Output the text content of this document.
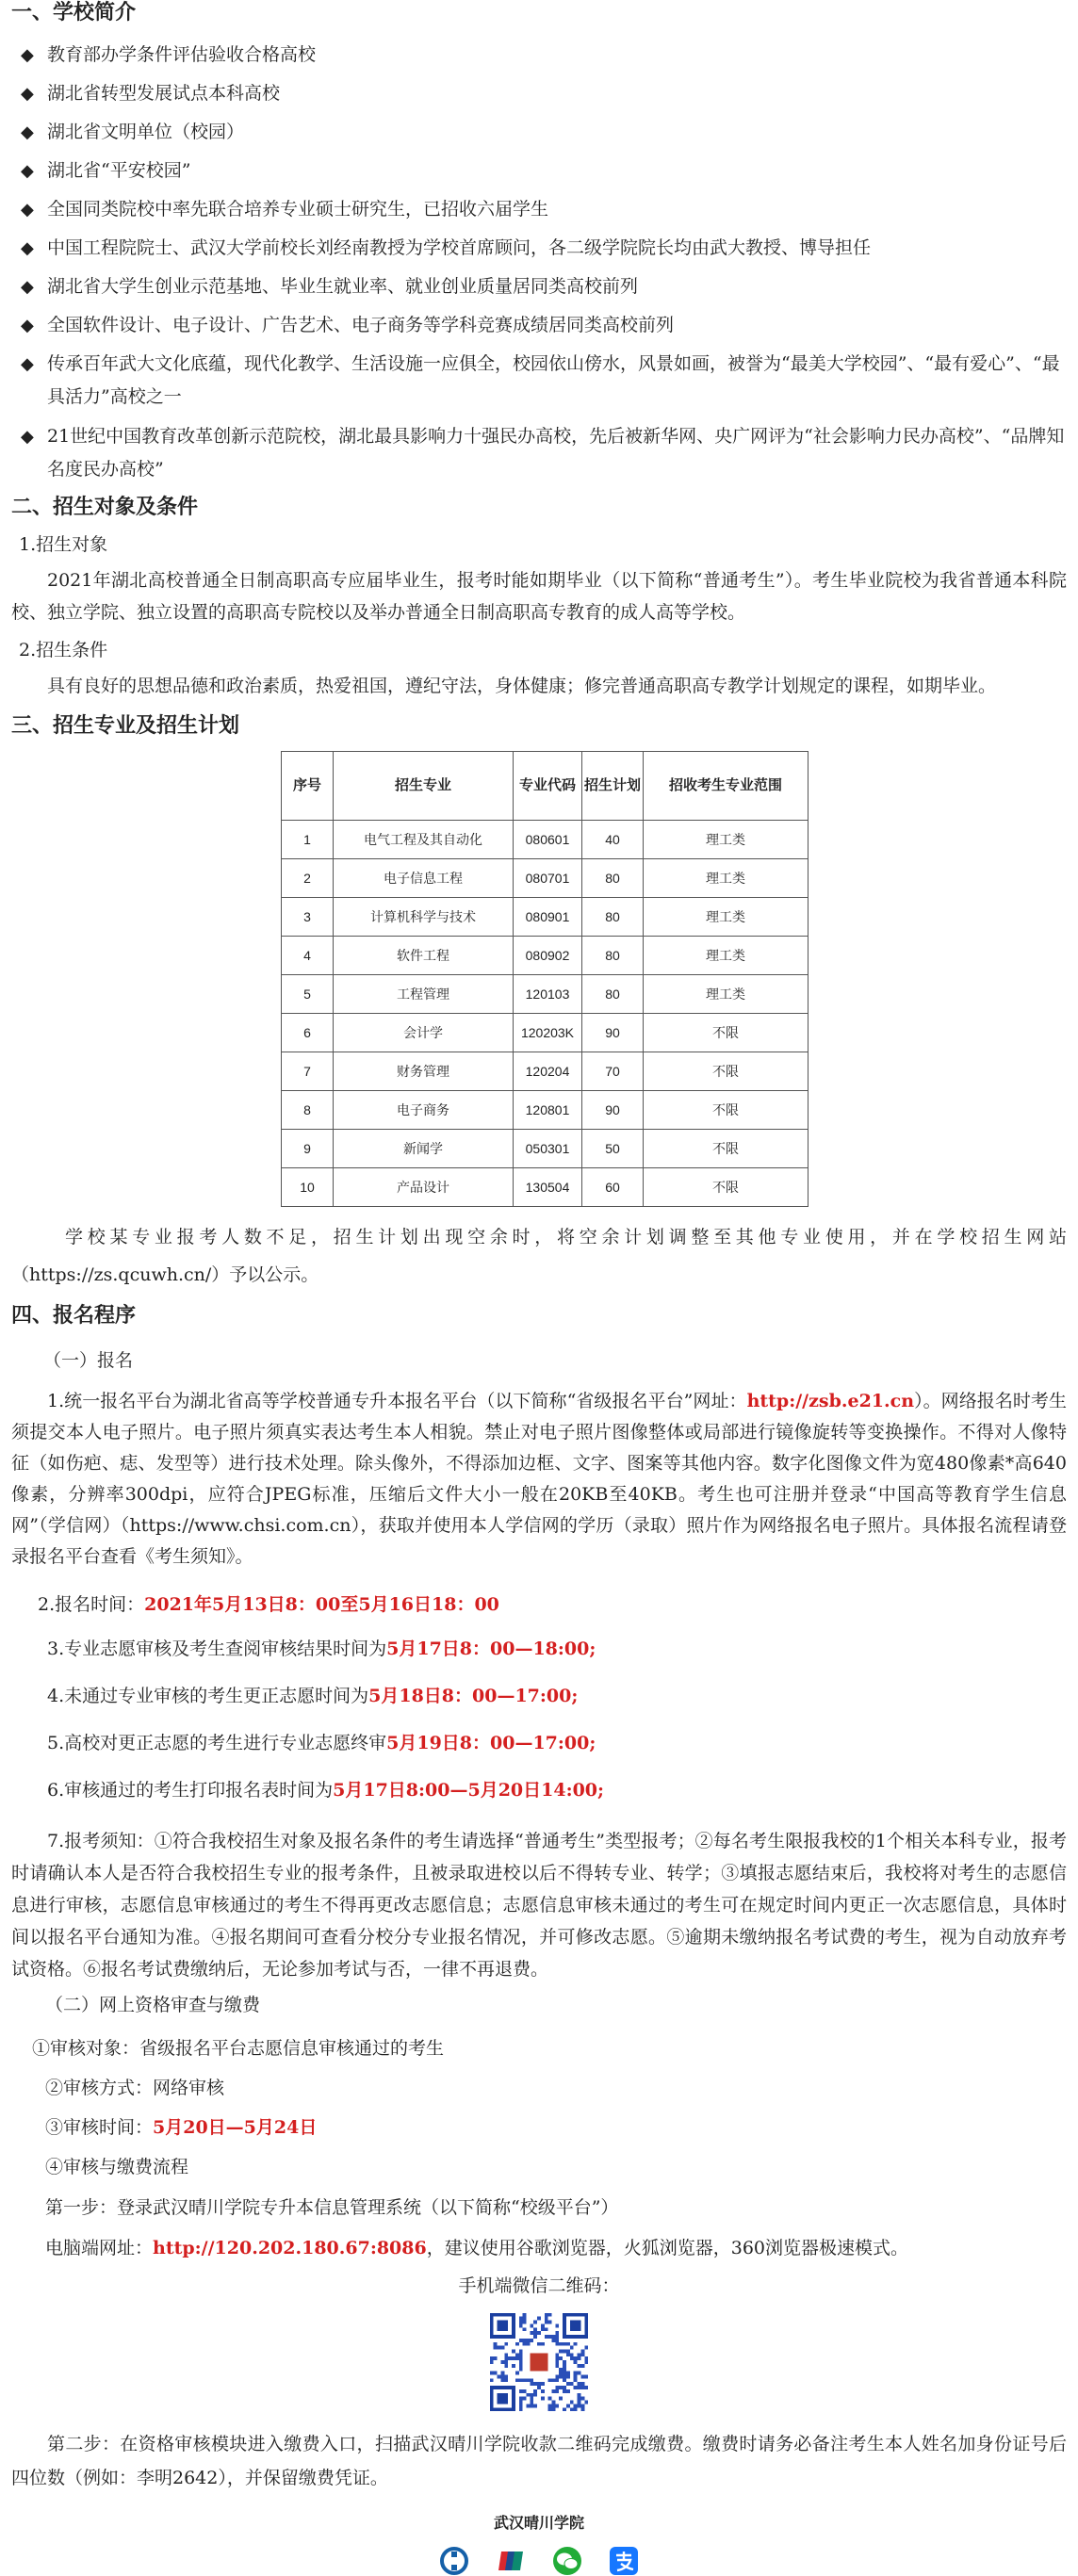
一、学校简介

◆ 教育部办学条件评估验收合格高校

◆ 湖北省转型发展试点本科高校

◆ 湖北省文明单位（校园）

◆ 湖北省“平安校园”

◆ 全国同类院校中率先联合培养专业硕士研究生，已招收六届学生

◆ 中国工程院院士、武汉大学前校长刘经南教授为学校首席顾问，各二级学院院长均由武大教授、博导担任

◆ 湖北省大学生创业示范基地、毕业生就业率、就业创业质量居同类高校前列

◆ 全国软件设计、电子设计、广告艺术、电子商务等学科竞赛成绩居同类高校前列

◆ 传承百年武大文化底蕴，现代化教学、生活设施一应俱全，校园依山傍水，风景如画，被誉为“最美大学校园”、“最有爱心”、“最具活力”高校之一

◆ 21世纪中国教育改革创新示范院校，湖北最具影响力十强民办高校，先后被新华网、央广网评为“社会影响力民办高校”、“品牌知名度民办高校”

二、招生对象及条件

1.招生对象

2021年湖北高校普通全日制高职高专应届毕业生，报考时能如期毕业（以下简称“普通考生”）。考生毕业院校为我省普通本科院校、独立学院、独立设置的高职高专院校以及举办普通全日制高职高专教育的成人高等学校。

2.招生条件

具有良好的思想品德和政治素质，热爱祖国，遵纪守法，身体健康；修完普通高职高专教学计划规定的课程，如期毕业。

三、招生专业及招生计划
序号	招生专业	专业代码	招生计划	招收考生专业范围
1	电气工程及其自动化	080601	40	理工类
2	电子信息工程	080701	80	理工类
3	计算机科学与技术	080901	80	理工类
4	软件工程	080902	80	理工类
5	工程管理	120103	80	理工类
6	会计学	120203K	90	不限
7	财务管理	120204	70	不限
8	电子商务	120801	90	不限
9	新闻学	050301	50	不限
10	产品设计	130504	60	不限

学校某专业报考人数不足，招生计划出现空余时，将空余计划调整至其他专业使用，并在学校招生网站（https://zs.qcuwh.cn/）予以公示。

四、报名程序

（一）报名

1.统一报名平台为湖北省高等学校普通专升本报名平台（以下简称“省级报名平台”网址：http://zsb.e21.cn）。网络报名时考生须提交本人电子照片。电子照片须真实表达考生本人相貌。禁止对电子照片图像整体或局部进行镜像旋转等变换操作。不得对人像特征（如伤疤、痣、发型等）进行技术处理。除头像外，不得添加边框、文字、图案等其他内容。数字化图像文件为宽480像素*高640像素，分辨率300dpi，应符合JPEG标准，压缩后文件大小一般在20KB至40KB。考生也可注册并登录“中国高等教育学生信息网”（学信网）（https://www.chsi.com.cn），获取并使用本人学信网的学历（录取）照片作为网络报名电子照片。具体报名流程请登录报名平台查看《考生须知》。

2.报名时间：2021年5月13日8：00至5月16日18：00

3.专业志愿审核及考生查阅审核结果时间为5月17日8：00—18:00;

4.未通过专业审核的考生更正志愿时间为5月18日8：00—17:00;

5.高校对更正志愿的考生进行专业志愿终审5月19日8：00—17:00;

6.审核通过的考生打印报名表时间为5月17日8:00—5月20日14:00;

7.报考须知：①符合我校招生对象及报名条件的考生请选择“普通考生”类型报考；②每名考生限报我校的1个相关本科专业，报考时请确认本人是否符合我校招生专业的报考条件，且被录取进校以后不得转专业、转学；③填报志愿结束后，我校将对考生的志愿信息进行审核，志愿信息审核通过的考生不得再更改志愿信息；志愿信息审核未通过的考生可在规定时间内更正一次志愿信息，具体时间以报名平台通知为准。④报名期间可查看分校分专业报名情况，并可修改志愿。⑤逾期未缴纳报名考试费的考生，视为自动放弃考试资格。⑥报名考试费缴纳后，无论参加考试与否，一律不再退费。

（二）网上资格审查与缴费

①审核对象：省级报名平台志愿信息审核通过的考生

②审核方式：网络审核

③审核时间：5月20日—5月24日

④审核与缴费流程

第一步：登录武汉晴川学院专升本信息管理系统（以下简称“校级平台”）

电脑端网址：http://120.202.180.67:8086，建议使用谷歌浏览器，火狐浏览器，360浏览器极速模式。

手机端微信二维码：

第二步：在资格审核模块进入缴费入口，扫描武汉晴川学院收款二维码完成缴费。缴费时请务必备注考生本人姓名加身份证号后四位数（例如：李明2642），并保留缴费凭证。

武汉晴川学院
